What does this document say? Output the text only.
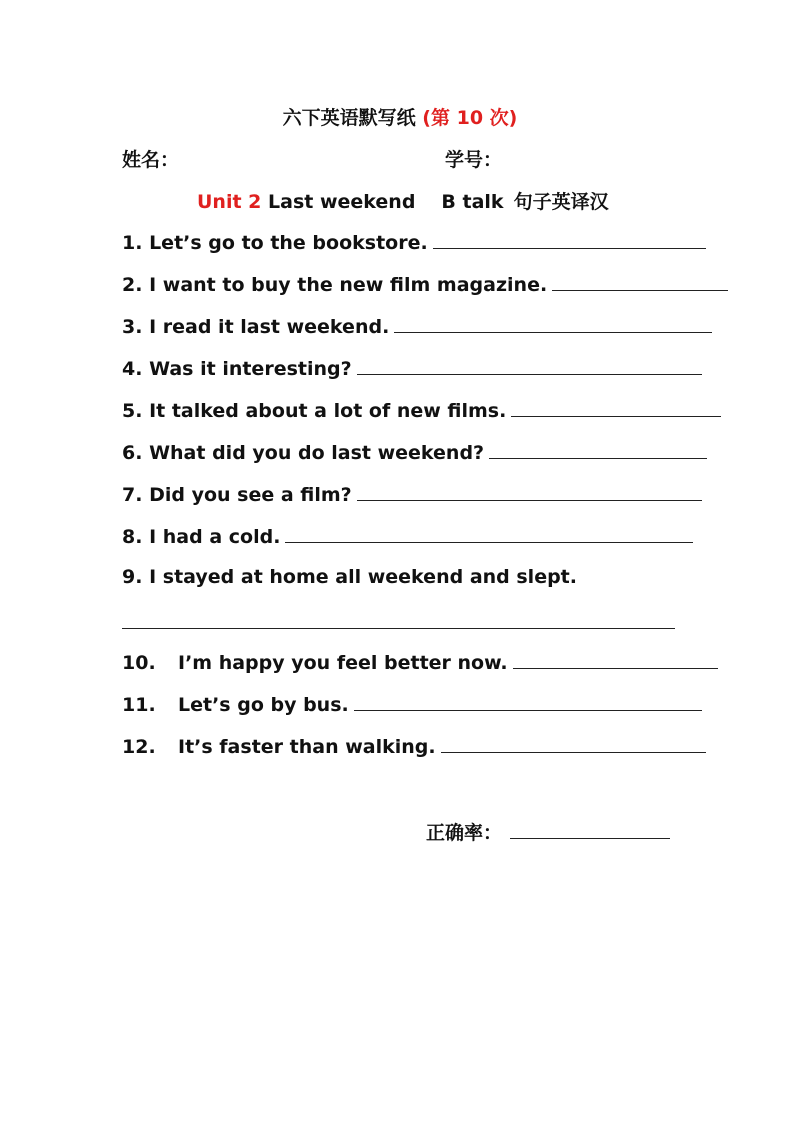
六下英语默写纸 (第 10 次)
姓名：	学号：
Unit 2 Last weekend B talk 句子英译汉
1.
Let’s go to the bookstore.
2.
I want to buy the new film magazine.
3.
I read it last weekend.
4.
Was it interesting?
5.
It talked about a lot of new films.
6.
What did you do last weekend?
7.
Did you see a film?
8.
I had a cold.
9.
I stayed at home all weekend and slept.
10.	I’m happy you feel better now.
11.	Let’s go by bus.
12.	It’s faster than walking.
正确率：
